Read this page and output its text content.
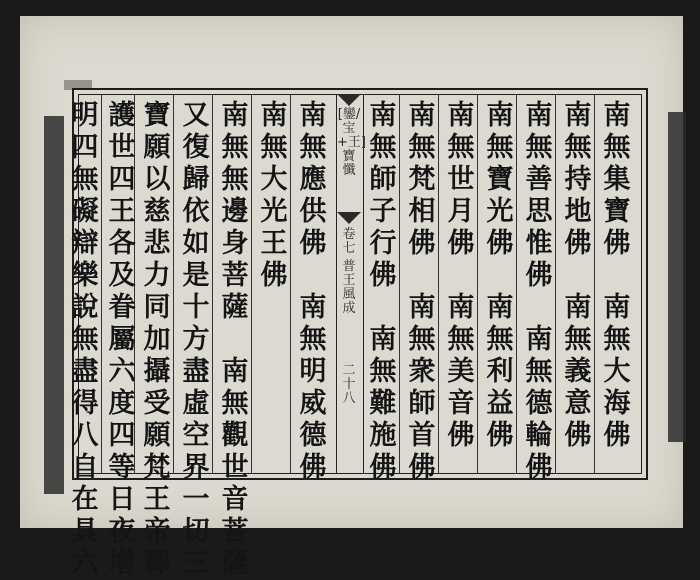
南
無
集
寶
佛
南
無
大
海
佛
南
無
持
地
佛
南
無
義
意
佛
南
無
善
思
惟
佛
南
無
德
輪
佛
南
無
寶
光
佛
南
無
利
益
佛
南
無
世
月
佛
南
無
美
音
佛
南
無
梵
相
佛
南
無
衆
師
首
佛
南
無
師
子
行
佛
南
無
難
施
佛
[鑾/宝+王]寶懺
卷七
普王風成
二十八
南
無
應
供
佛
南
無
明
威
德
佛
南
無
大
光
王
佛
南
無
無
邊
身
菩
薩
南
無
觀
世
音
菩
薩
又
復
歸
依
如
是
十
方
盡
虛
空
界
一
切
三
寶
願
以
慈
悲
力
同
加
攝
受
願
梵
王
帝
釋
護
世
四
王
各
及
眷
屬
六
度
四
等
日
夜
增
明
四
無
礙
辯
樂
說
無
盡
得
八
自
在
具
六
